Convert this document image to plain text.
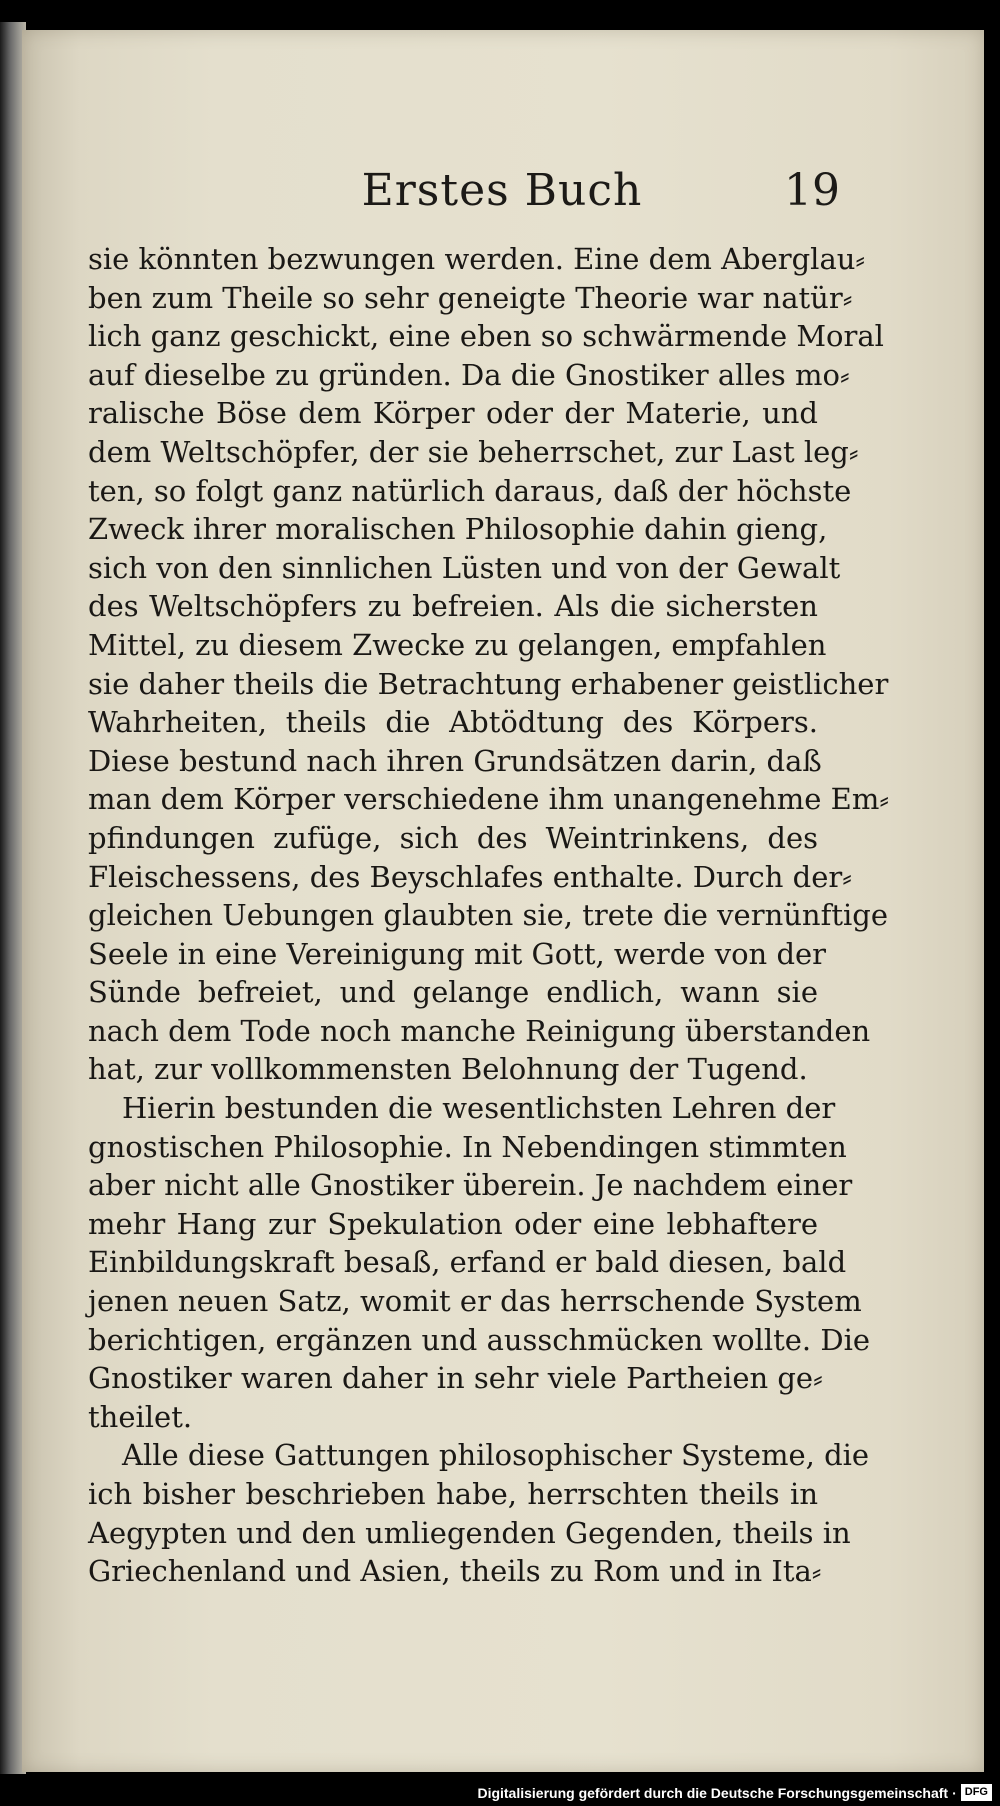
Erstes Buch	19
sie könnten bezwungen werden. Eine dem Aberglau⸗
ben zum Theile so sehr geneigte Theorie war natür⸗
lich ganz geschickt, eine eben so schwärmende Moral
auf dieselbe zu gründen. Da die Gnostiker alles mo⸗
ralische Böse dem Körper oder der Materie, und
dem Weltschöpfer, der sie beherrschet, zur Last leg⸗
ten, so folgt ganz natürlich daraus, daß der höchste
Zweck ihrer moralischen Philosophie dahin gieng,
sich von den sinnlichen Lüsten und von der Gewalt
des Weltschöpfers zu befreien. Als die sichersten
Mittel, zu diesem Zwecke zu gelangen, empfahlen
sie daher theils die Betrachtung erhabener geistlicher
Wahrheiten, theils die Abtödtung des Körpers.
Diese bestund nach ihren Grundsätzen darin, daß
man dem Körper verschiedene ihm unangenehme Em⸗
pfindungen zufüge, sich des Weintrinkens, des
Fleischessens, des Beyschlafes enthalte. Durch der⸗
gleichen Uebungen glaubten sie, trete die vernünftige
Seele in eine Vereinigung mit Gott, werde von der
Sünde befreiet, und gelange endlich, wann sie
nach dem Tode noch manche Reinigung überstanden
hat, zur vollkommensten Belohnung der Tugend.
Hierin bestunden die wesentlichsten Lehren der
gnostischen Philosophie. In Nebendingen stimmten
aber nicht alle Gnostiker überein. Je nachdem einer
mehr Hang zur Spekulation oder eine lebhaftere
Einbildungskraft besaß, erfand er bald diesen, bald
jenen neuen Satz, womit er das herrschende System
berichtigen, ergänzen und ausschmücken wollte. Die
Gnostiker waren daher in sehr viele Partheien ge⸗
theilet.
Alle diese Gattungen philosophischer Systeme, die
ich bisher beschrieben habe, herrschten theils in
Aegypten und den umliegenden Gegenden, theils in
Griechenland und Asien, theils zu Rom und in Ita⸗
Digitalisierung gefördert durch die Deutsche Forschungsgemeinschaft · DFG
